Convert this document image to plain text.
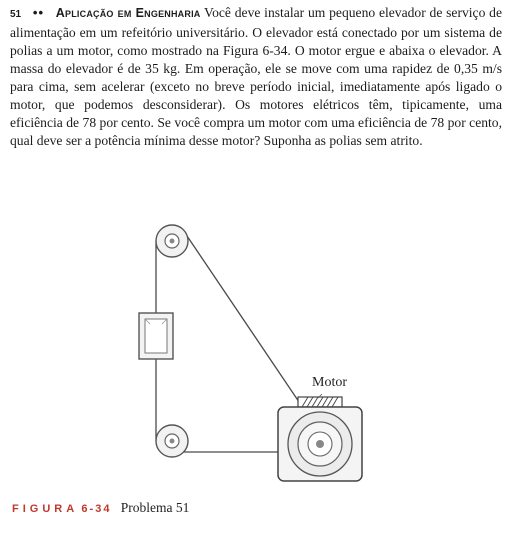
51 •• Aplicação em Engenharia Você deve instalar um pequeno elevador de serviço de alimentação em um refeitório universitário. O elevador está conectado por um sistema de polias a um motor, como mostrado na Figura 6-34. O motor ergue e abaixa o elevador. A massa do elevador é de 35 kg. Em operação, ele se move com uma rapidez de 0,35 m/s para cima, sem acelerar (exceto no breve período inicial, imediatamente após ligado o motor, que podemos desconsiderar). Os motores elétricos têm, tipicamente, uma eficiência de 78 por cento. Se você compra um motor com uma eficiência de 78 por cento, qual deve ser a potência mínima desse motor? Suponha as polias sem atrito.
Motor
FIGURA 6-34 Problema 51
